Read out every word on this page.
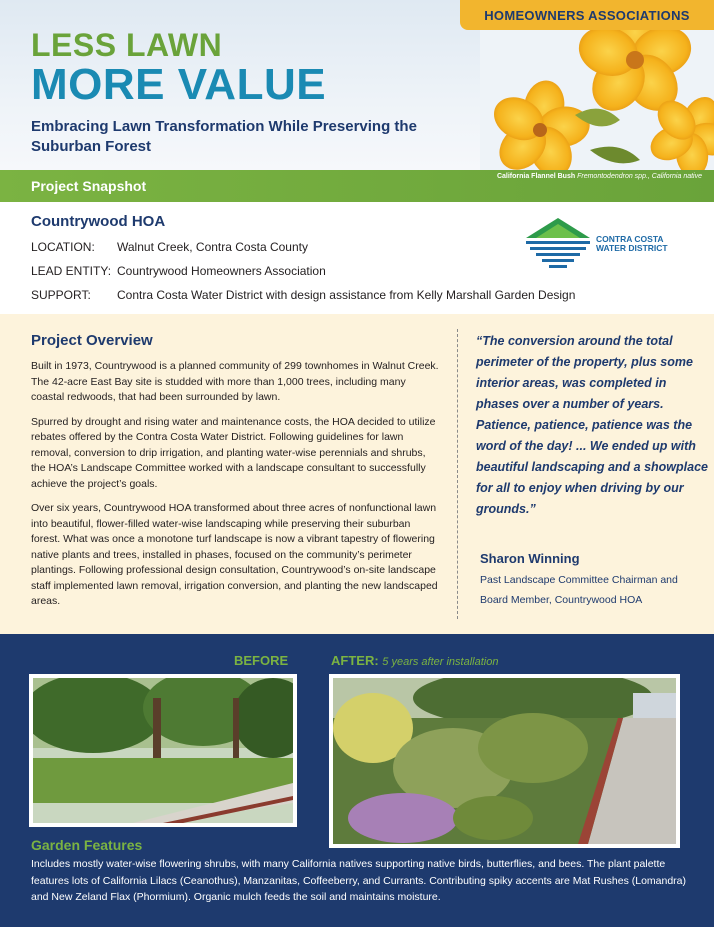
HOMEOWNERS ASSOCIATIONS
LESS LAWN
MORE VALUE
Embracing Lawn Transformation While Preserving the Suburban Forest
Project Snapshot
California Flannel Bush Fremontodendron spp., California native
Countrywood HOA
LOCATION: Walnut Creek, Contra Costa County
LEAD ENTITY: Countrywood Homeowners Association
SUPPORT: Contra Costa Water District with design assistance from Kelly Marshall Garden Design
CONTRA COSTA
WATER DISTRICT
Project Overview

Built in 1973, Countrywood is a planned community of 299 townhomes in Walnut Creek. The 42-acre East Bay site is studded with more than 1,000 trees, including many coastal redwoods, that had been surrounded by lawn.

Spurred by drought and rising water and maintenance costs, the HOA decided to utilize rebates offered by the Contra Costa Water District. Following guidelines for lawn removal, conversion to drip irrigation, and planting water-wise perennials and shrubs, the HOA’s Landscape Committee worked with a landscape consultant to successfully achieve the project’s goals.

Over six years, Countrywood HOA transformed about three acres of nonfunctional lawn into beautiful, flower-filled water-wise landscaping while preserving their suburban forest. What was once a monotone turf landscape is now a vibrant tapestry of flowering native plants and trees, installed in phases, focused on the community’s perimeter plantings. Following professional design consultation, Countrywood’s on-site landscape staff implemented lawn removal, irrigation conversion, and planting the new landscaped areas.

“The conversion around the total perimeter of the property, plus some interior areas, was completed in phases over a number of years. Patience, patience, patience was the word of the day! ... We ended up with beautiful landscaping and a showplace for all to enjoy when driving by our grounds.”
Sharon Winning
Past Landscape Committee Chairman and Board Member, Countrywood HOA
BEFORE	AFTER: 5 years after installation
Garden Features
Includes mostly water-wise flowering shrubs, with many California natives supporting native birds, butterflies, and bees. The plant palette features lots of California Lilacs (Ceanothus), Manzanitas, Coffeeberry, and Currants. Contributing spiky accents are Mat Rushes (Lomandra) and New Zeland Flax (Phormium). Organic mulch feeds the soil and maintains moisture.
